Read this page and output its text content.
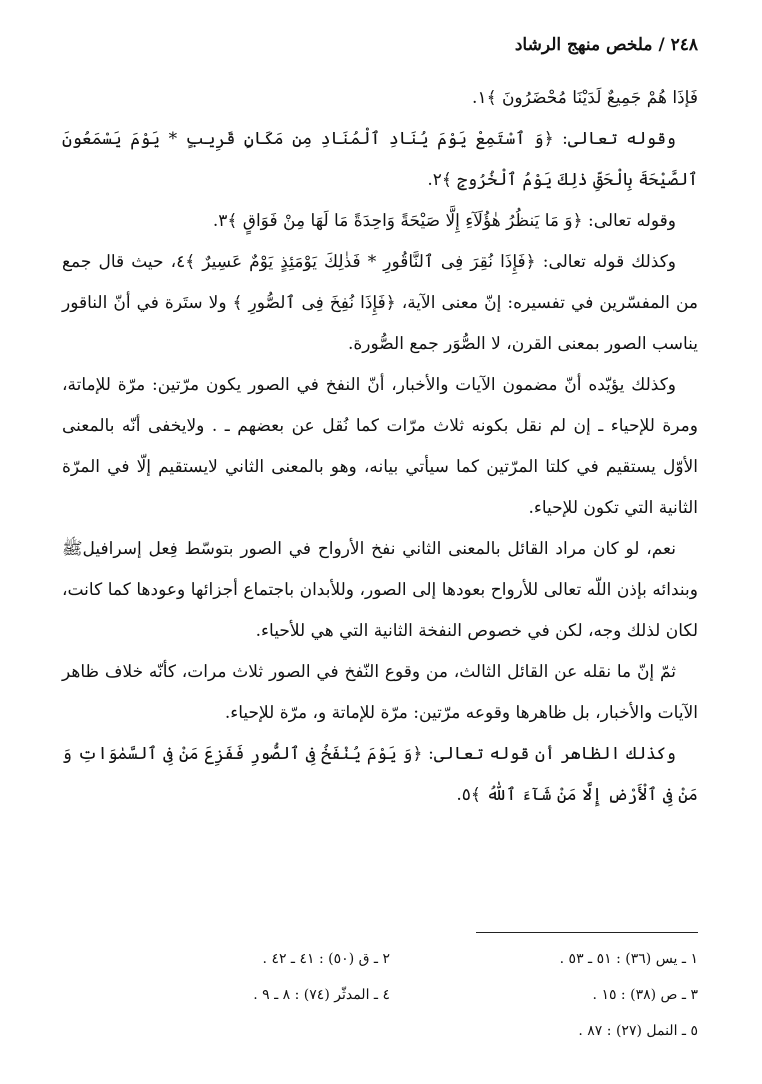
٢٤٨ / ملخص منهج الرشاد

فَإذَا هُمْ جَمِيعٌ لَدَيْنَا مُحْضَرُونَ ﴾١.

وقوله تعالى: ﴿وَ ٱسْتَمِعْ يَوْمَ يُنَادِ ٱلْمُنَادِ مِن مَكَانٍ قَرِيبٍ * يَوْمَ يَسْمَعُونَ ٱلصَّيْحَةَ بِالْحَقِّ ذٰلِكَ يَوْمُ ٱلْخُرُوجِ ﴾٢.

وقوله تعالى: ﴿وَ مَا يَنظُرُ هٰؤُلَآءِ إِلَّا صَيْحَةً وَاحِدَةً مَا لَهَا مِنْ فَوَاقٍ ﴾٣.

وكذلك قوله تعالى: ﴿فَإِذَا نُقِرَ فِى ٱلنَّاقُورِ * فَذٰلِكَ يَوْمَئِذٍ يَوْمٌ عَسِيرٌ ﴾٤، حيث قال جمع من المفسّرين في تفسيره: إنّ معنى الآية، ﴿فَإِذَا نُفِخَ فِى ٱلصُّورِ ﴾ ولا ستَرة في أنّ الناقور يناسب الصور بمعنى القرن، لا الصُّوَر جمع الصُّورة.

وكذلك يؤيّده أنّ مضمون الآيات والأخبار، أنّ النفخ في الصور يكون مرّتين: مرّة للإماتة، ومرة للإحياء ـ إن لم نقل بكونه ثلاث مرّات كما نُقل عن بعضهم ـ . ولايخفى أنّه بالمعنى الأوّل يستقيم في كلتا المرّتين كما سيأتي بيانه، وهو بالمعنى الثاني لايستقيم إلّا في المرّة الثانية التي تكون للإحياء.

نعم، لو كان مراد القائل بالمعنى الثاني نفخ الأرواح في الصور بتوسّط فِعل إسرافيل‌ﷺ وبندائه بإذن اللّه تعالى للأرواح بعودها إلى الصور، وللأبدان باجتماع أجزائها وعودها كما كانت، لكان لذلك وجه، لكن في خصوص النفخة الثانية التي هي للأحياء.

ثمّ إنّ ما نقله عن القائل الثالث، من وقوع النّفخ في الصور ثلاث مرات، كأنّه خلاف ظاهر الآيات والأخبار، بل ظاهرها وقوعه مرّتين: مرّة للإماتة و، مرّة للإحياء.

وكذلك الظاهر أن قوله تعالى: ﴿وَ يَوْمَ يُنْفَخُ فِى ٱلصُّورِ فَفَزِعَ مَنْ فِى ٱلسَّمٰوَاتِ وَ مَنْ فِى ٱلْأَرْضِ إِلَّا مَنْ شَآءَ ٱللّٰهُ ﴾٥.

١ ـ يس (٣٦) : ٥١ ـ ٥٣ .
٢ ـ ق (٥٠) : ٤١ ـ ٤٢ .
٣ ـ ص (٣٨) : ١٥ .
٤ ـ المدثّر (٧٤) : ٨ ـ ٩ .
٥ ـ النمل (٢٧) : ٨٧ .
